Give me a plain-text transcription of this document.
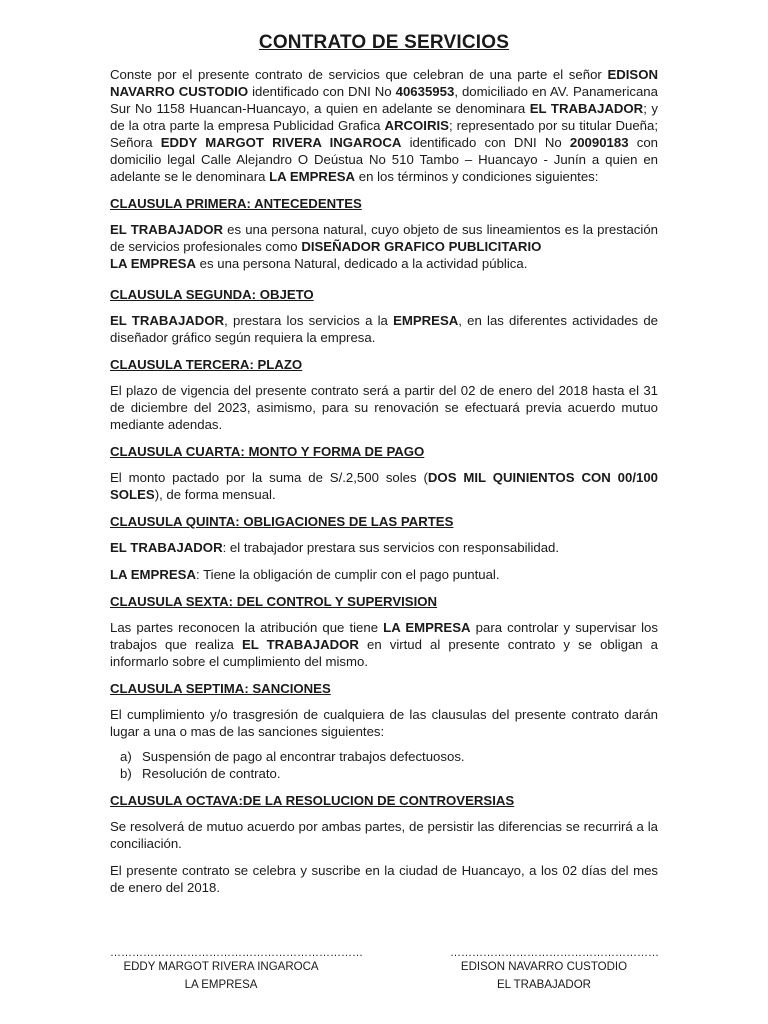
CONTRATO DE SERVICIOS

Conste por el presente contrato de servicios que celebran de una parte el señor EDISON NAVARRO CUSTODIO identificado con DNI No 40635953, domiciliado en AV. Panamericana Sur No 1158 Huancan-Huancayo, a quien en adelante se denominara EL TRABAJADOR; y de la otra parte la empresa Publicidad Grafica ARCOIRIS; representado por su titular Dueña; Señora EDDY MARGOT RIVERA INGAROCA identificado con DNI No 20090183 con domicilio legal Calle Alejandro O Deústua No 510 Tambo – Huancayo - Junín a quien en adelante se le denominara LA EMPRESA en los términos y condiciones siguientes:

CLAUSULA PRIMERA: ANTECEDENTES

EL TRABAJADOR es una persona natural, cuyo objeto de sus lineamientos es la prestación de servicios profesionales como DISEÑADOR GRAFICO PUBLICITARIO
LA EMPRESA es una persona Natural, dedicado a la actividad pública.

CLAUSULA SEGUNDA: OBJETO

EL TRABAJADOR, prestara los servicios a la EMPRESA, en las diferentes actividades de diseñador gráfico según requiera la empresa.

CLAUSULA TERCERA: PLAZO

El plazo de vigencia del presente contrato será a partir del 02 de enero del 2018 hasta el 31 de diciembre del 2023, asimismo, para su renovación se efectuará previa acuerdo mutuo mediante adendas.

CLAUSULA CUARTA: MONTO Y FORMA DE PAGO

El monto pactado por la suma de S/.2,500 soles (DOS MIL QUINIENTOS CON 00/100 SOLES), de forma mensual.

CLAUSULA QUINTA: OBLIGACIONES DE LAS PARTES

EL TRABAJADOR: el trabajador prestara sus servicios con responsabilidad.

LA EMPRESA: Tiene la obligación de cumplir con el pago puntual.

CLAUSULA SEXTA: DEL CONTROL Y SUPERVISION

Las partes reconocen la atribución que tiene LA EMPRESA para controlar y supervisar los trabajos que realiza EL TRABAJADOR en virtud al presente contrato y se obligan a informarlo sobre el cumplimiento del mismo.

CLAUSULA SEPTIMA: SANCIONES

El cumplimiento y/o trasgresión de cualquiera de las clausulas del presente contrato darán lugar a una o mas de las sanciones siguientes:

a) Suspensión de pago al encontrar trabajos defectuosos.
b) Resolución de contrato.
CLAUSULA OCTAVA:DE LA RESOLUCION DE CONTROVERSIAS

Se resolverá de mutuo acuerdo por ambas partes, de persistir las diferencias se recurrirá a la conciliación.

El presente contrato se celebra y suscribe en la ciudad de Huancayo, a los 02 días del mes de enero del 2018.

……………………………………………………………
EDDY MARGOT RIVERA INGAROCA
LA EMPRESA
…………………………………………………
EDISON NAVARRO CUSTODIO
EL TRABAJADOR
